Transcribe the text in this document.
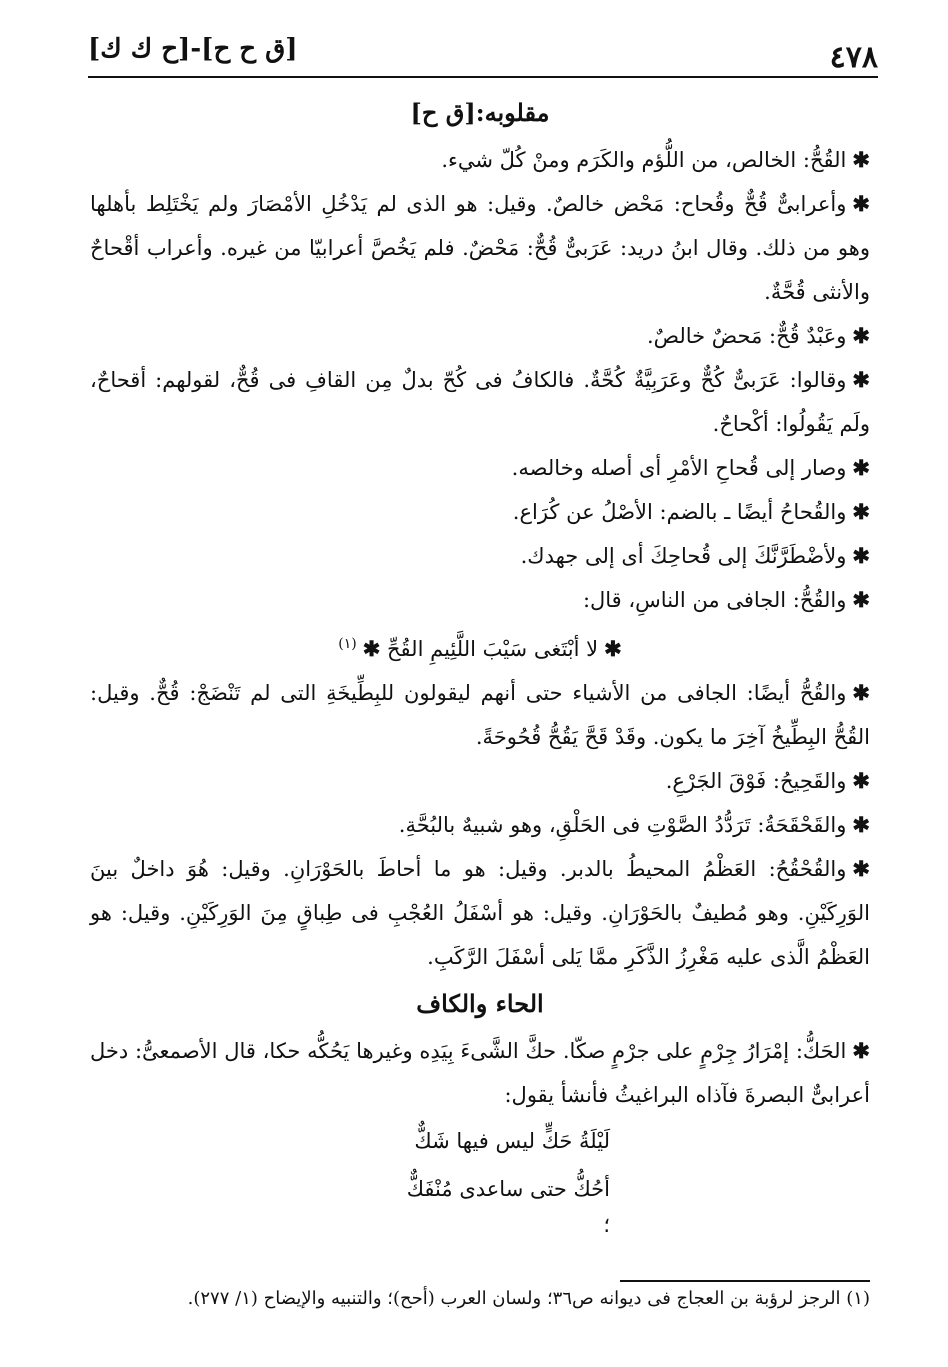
٤٧٨
[ق ح ح]-[ح ك ك]
مقلوبه:[ق ح]

✱القُحُّ: الخالص، من اللُّؤم والكَرَم ومنْ كُلّ شيء.

✱وأعرابىٌّ قُحٌّ وقُحاح: مَحْض خالصٌ. وقيل: هو الذى لم يَدْخُلِ الأمْصَارَ ولم يَخْتَلِط بأهلها وهو من ذلك. وقال ابنُ دريد: عَرَبىٌّ قُحٌّ: مَحْضٌ. فلم يَخُصَّ أعرابيّا من غيره. وأعراب أقْحاحٌ والأنثى قُحَّةٌ.

✱وعَبْدٌ قُحٌّ: مَحضٌ خالصٌ.

✱وقالوا: عَرَبىٌّ كُحٌّ وعَرَبِيَّةٌ كُحَّةٌ. فالكافُ فى كُحّ بدلٌ مِن القافِ فى قُحٌّ، لقولهم: أقحاحٌ، ولَم يَقُولُوا: أكْحاحٌ.

✱وصار إلى قُحاحِ الأمْرِ أى أصله وخالصه.

✱والقُحاحُ أيضًا ـ بالضم: الأصْلُ عن كُرَاع.

✱ولأضْطَرَّنَّكَ إلى قُحاحِكَ أى إلى جهدك.

✱والقُحُّ: الجافى من الناسِ، قال:

✱لا أبْتَغى سَيْبَ اللَّئِيمِ القُحِّ ✱$^{(١)}$

✱والقُحُّ أيضًا: الجافى من الأشياء حتى أنهم ليقولون للبِطِّيخَةِ التى لم تَنْضَجْ: قُحٌّ. وقيل: القُحُّ البِطِّيخُ آخِرَ ما يكون. وقَدْ قَحَّ يَقُحُّ قُحُوحَةً.

✱والقَحِيحُ: فَوْقَ الجَرْعِ.

✱والقَحْقَحَةُ: تَرَدُّدُ الصَّوْتِ فى الحَلْقِ، وهو شبيهٌ بالبُحَّةِ.

✱والقُحْقُحُ: العَظْمُ المحيطُ بالدبر. وقيل: هو ما أحاطَ بالحَوْرَانِ. وقيل: هُوَ داخلٌ بينَ الوَرِكَيْنِ. وهو مُطيفٌ بالحَوْرَانِ. وقيل: هو أسْفَلُ العُجْبِ فى طِباقٍ مِنَ الوَرِكَيْنِ. وقيل: هو العَظْمُ الَّذى عليه مَغْرِزُ الذَّكَرِ ممَّا يَلى أسْفَلَ الرَّكَبِ.

الحاء والكاف

✱الحَكُّ: إمْرَارُ جِرْمٍ على جرْمٍ صكّا. حكَّ الشَّىءَ بِيَدِه وغيرها يَحُكُّه حكا، قال الأصمعىُّ: دخل أعرابىٌّ البصرةَ فآذاه البراغيثُ فأنشأ يقول:

لَيْلَةُ حَكٍّ ليس فيها شَكٌّ
أحُكُّ حتى ساعدى مُنْفَكٌّ
؛
(١) الرجز لرؤبة بن العجاج فى ديوانه ص٣٦؛ ولسان العرب (أحح)؛ والتنبيه والإيضاح (١/ ٢٧٧).
